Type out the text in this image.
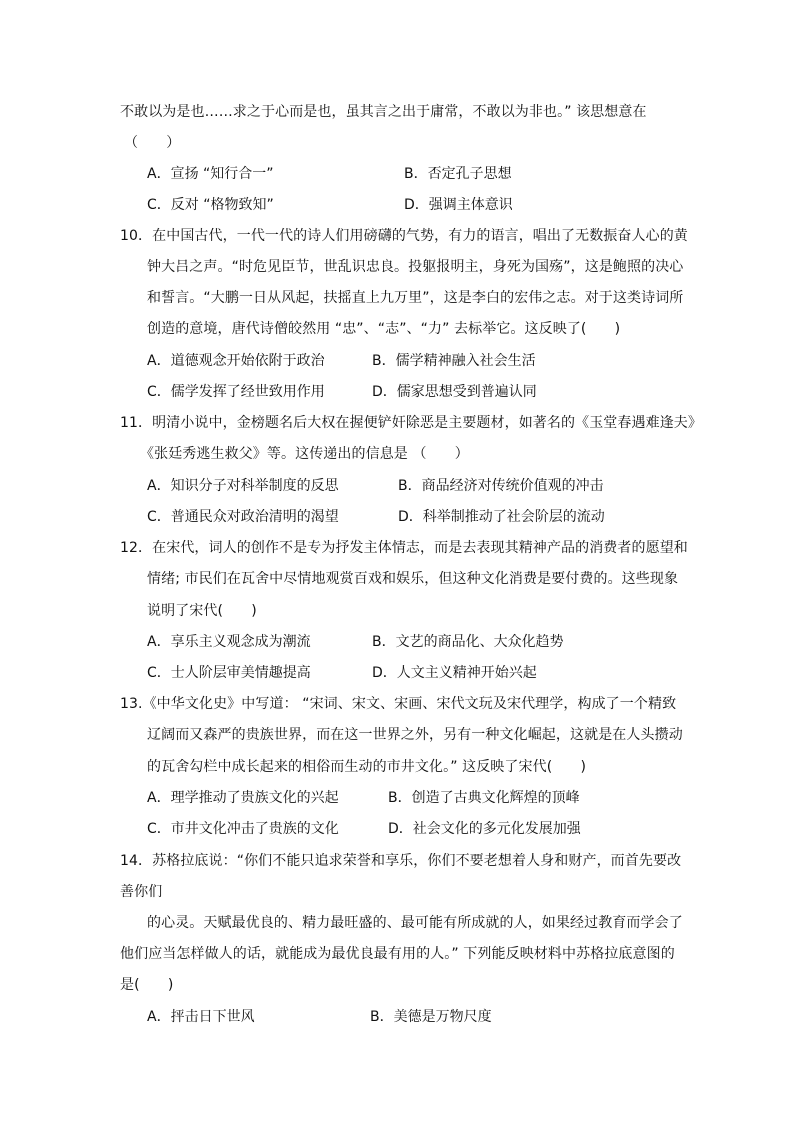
不敢以为是也……求之于心而是也，虽其言之出于庸常，不敢以为非也。” 该思想意在
（　　）
A．宣扬 “知行合一”	B．否定孔子思想
C．反对 “格物致知”	D．强调主体意识
10．在中国古代，一代一代的诗人们用磅礴的气势，有力的语言，唱出了无数振奋人心的黄
钟大吕之声。“时危见臣节，世乱识忠良。投躯报明主，身死为国殇”，这是鲍照的决心
和誓言。“大鹏一日从风起，扶摇直上九万里”，这是李白的宏伟之志。对于这类诗词所
创造的意境，唐代诗僧皎然用 “忠”、“志”、“力” 去标举它。这反映了(　　)
A．道德观念开始依附于政治	B．儒学精神融入社会生活
C．儒学发挥了经世致用作用	D．儒家思想受到普遍认同
11．明清小说中，金榜题名后大权在握便铲奸除恶是主要题材，如著名的《玉堂春遇难逢夫》
《张廷秀逃生救父》等。这传递出的信息是 （　　）
A．知识分子对科举制度的反思	B．商品经济对传统价值观的冲击
C．普通民众对政治清明的渴望	D．科举制推动了社会阶层的流动
12．在宋代，词人的创作不是专为抒发主体情志，而是去表现其精神产品的消费者的愿望和
情绪; 市民们在瓦舍中尽情地观赏百戏和娱乐，但这种文化消费是要付费的。这些现象
说明了宋代(　　)
A．享乐主义观念成为潮流	B．文艺的商品化、大众化趋势
C．士人阶层审美情趣提高	D．人文主义精神开始兴起
13.《中华文化史》中写道： “宋词、宋文、宋画、宋代文玩及宋代理学，构成了一个精致
辽阔而又森严的贵族世界，而在这一世界之外，另有一种文化崛起，这就是在人头攒动
的瓦舍勾栏中成长起来的相俗而生动的市井文化。” 这反映了宋代(　　)
A．理学推动了贵族文化的兴起	B．创造了古典文化辉煌的顶峰
C．市井文化冲击了贵族的文化	D．社会文化的多元化发展加强
14．苏格拉底说：“你们不能只追求荣誉和享乐，你们不要老想着人身和财产，而首先要改
善你们
的心灵。天赋最优良的、精力最旺盛的、最可能有所成就的人，如果经过教育而学会了
他们应当怎样做人的话，就能成为最优良最有用的人。” 下列能反映材料中苏格拉底意图的
是(　　)
A．抨击日下世风	B．美德是万物尺度
